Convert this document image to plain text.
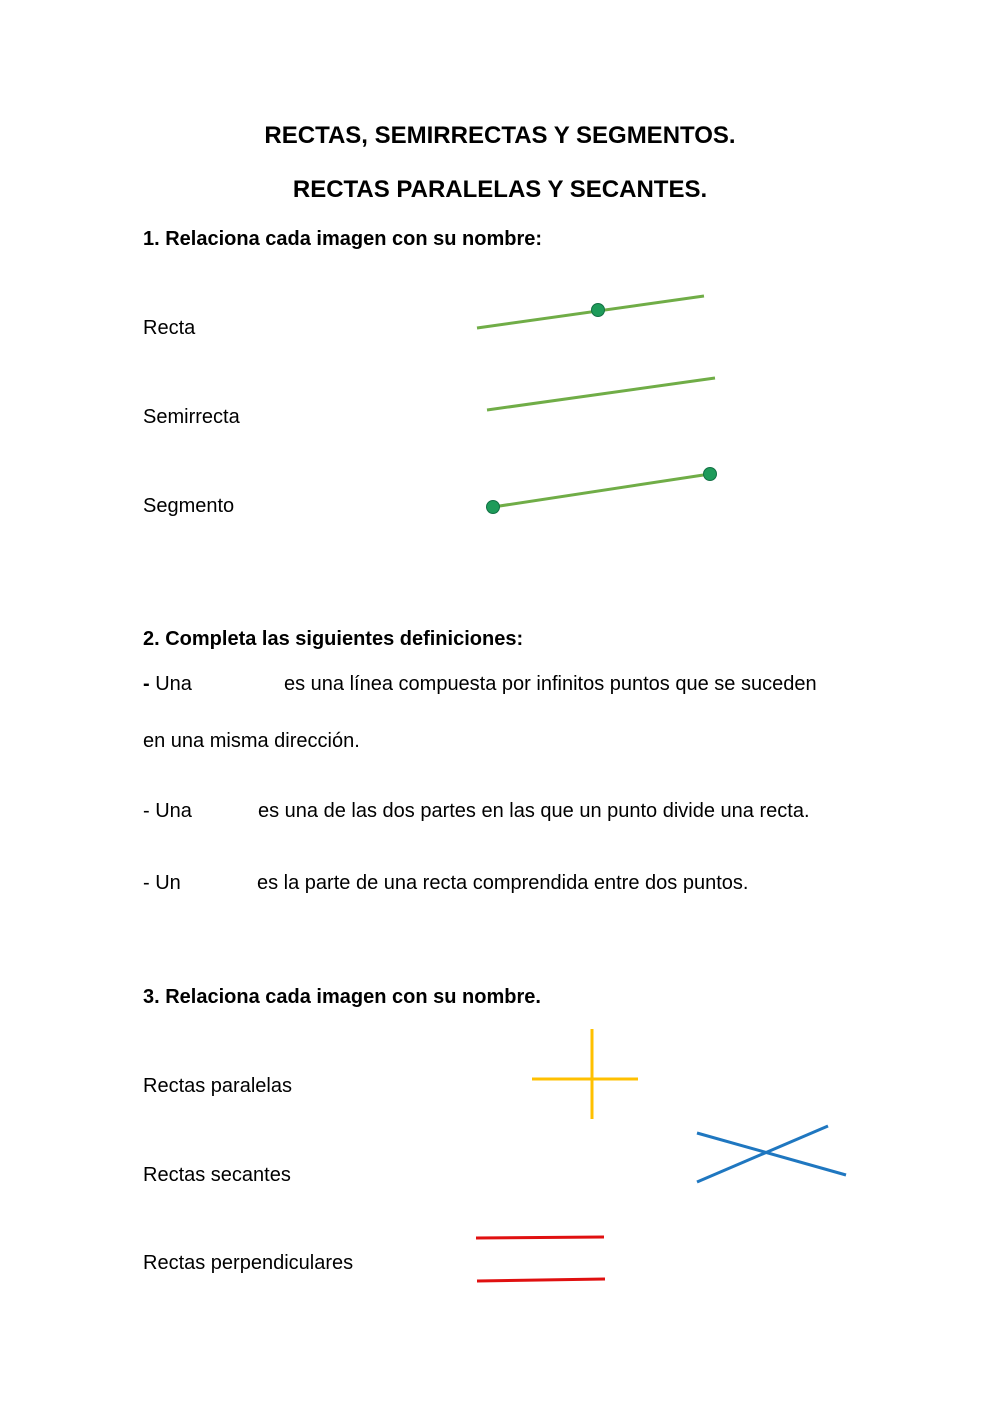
RECTAS, SEMIRRECTAS Y SEGMENTOS.
RECTAS PARALELAS Y SECANTES.
1. Relaciona cada imagen con su nombre:
Recta
Semirrecta
Segmento
2. Completa las siguientes definiciones:
- Una	es una línea compuesta por infinitos puntos que se suceden
en una misma dirección.
- Una	es una de las dos partes en las que un punto divide una recta.
- Un	es la parte de una recta comprendida entre dos puntos.
3. Relaciona cada imagen con su nombre.
Rectas paralelas
Rectas secantes
Rectas perpendiculares
